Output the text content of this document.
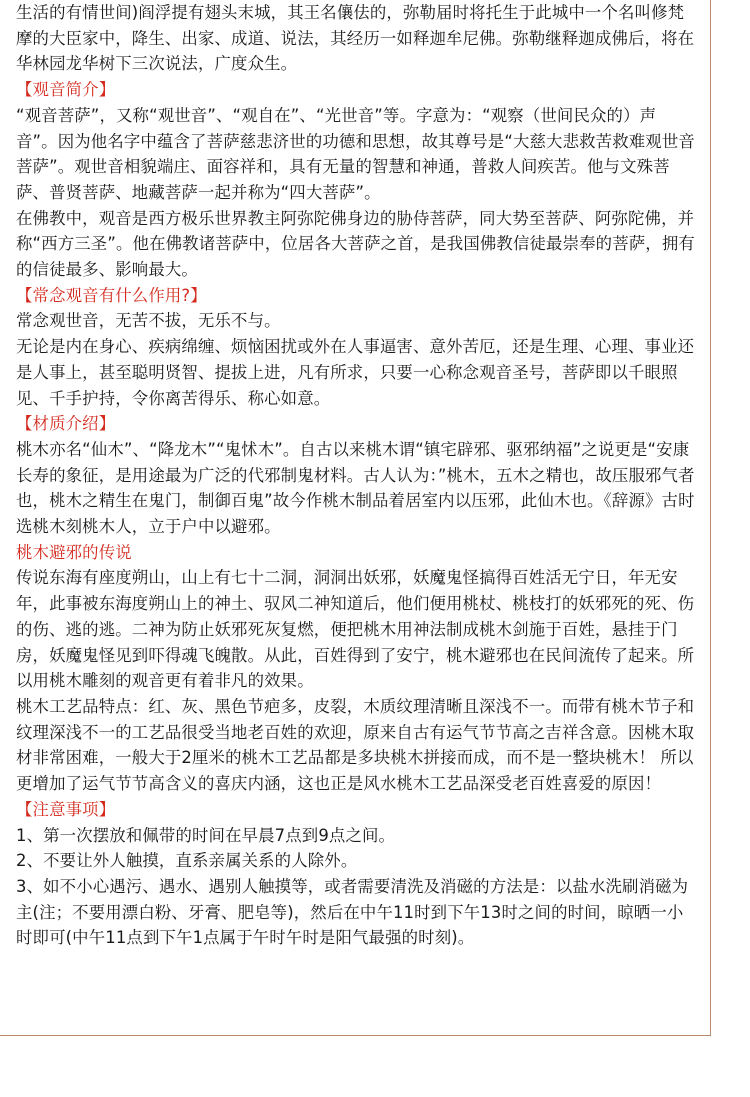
生活的有情世间)阎浮提有翅头末城，其王名儴佉的，弥勒届时将托生于此城中一个名叫修梵摩的大臣家中，降生、出家、成道、说法，其经历一如释迦牟尼佛。弥勒继释迦成佛后，将在华林园龙华树下三次说法，广度众生。

【观音简介】

“观音菩萨”，又称“观世音”、“观自在”、“光世音”等。字意为：“观察（世间民众的）声音”。因为他名字中蕴含了菩萨慈悲济世的功德和思想，故其尊号是“大慈大悲救苦救难观世音菩萨”。观世音相貌端庄、面容祥和，具有无量的智慧和神通，普救人间疾苦。他与文殊菩萨、普贤菩萨、地藏菩萨一起并称为“四大菩萨”。

在佛教中，观音是西方极乐世界教主阿弥陀佛身边的胁侍菩萨，同大势至菩萨、阿弥陀佛，并称“西方三圣”。他在佛教诸菩萨中，位居各大菩萨之首，是我国佛教信徒最崇奉的菩萨，拥有的信徒最多、影响最大。

【常念观音有什么作用?】

常念观世音，无苦不拔，无乐不与。

无论是内在身心、疾病绵缠、烦恼困扰或外在人事逼害、意外苦厄，还是生理、心理、事业还是人事上，甚至聪明贤智、提拔上进，凡有所求，只要一心称念观音圣号，菩萨即以千眼照见、千手护持，令你离苦得乐、称心如意。

【材质介绍】

桃木亦名“仙木”、“降龙木”“鬼怵木”。自古以来桃木谓“镇宅辟邪、驱邪纳福”之说更是“安康长寿的象征，是用途最为广泛的代邪制鬼材料。古人认为：”桃木，五木之精也，故压服邪气者也，桃木之精生在鬼门，制御百鬼”故今作桃木制品着居室内以压邪，此仙木也。《辞源》古时选桃木刻桃木人，立于户中以避邪。

桃木避邪的传说

传说东海有座度朔山，山上有七十二洞，洞洞出妖邪，妖魔鬼怪搞得百姓活无宁日，年无安年，此事被东海度朔山上的神土、驭风二神知道后，他们便用桃杖、桃枝打的妖邪死的死、伤的伤、逃的逃。二神为防止妖邪死灰复燃，便把桃木用神法制成桃木剑施于百姓，悬挂于门房，妖魔鬼怪见到吓得魂飞魄散。从此，百姓得到了安宁，桃木避邪也在民间流传了起来。所以用桃木雕刻的观音更有着非凡的效果。

桃木工艺品特点：红、灰、黑色节疤多，皮裂，木质纹理清晰且深浅不一。而带有桃木节子和纹理深浅不一的工艺品很受当地老百姓的欢迎，原来自古有运气节节高之吉祥含意。因桃木取材非常困难，一般大于2厘米的桃木工艺品都是多块桃木拼接而成，而不是一整块桃木！ 所以更增加了运气节节高含义的喜庆内涵，这也正是风水桃木工艺品深受老百姓喜爱的原因！

【注意事项】

1、第一次摆放和佩带的时间在早晨7点到9点之间。

2、不要让外人触摸，直系亲属关系的人除外。

3、如不小心遇污、遇水、遇别人触摸等，或者需要清洗及消磁的方法是：以盐水洗刷消磁为主(注；不要用漂白粉、牙膏、肥皂等)，然后在中午11时到下午13时之间的时间，晾晒一小时即可(中午11点到下午1点属于午时午时是阳气最强的时刻)。
